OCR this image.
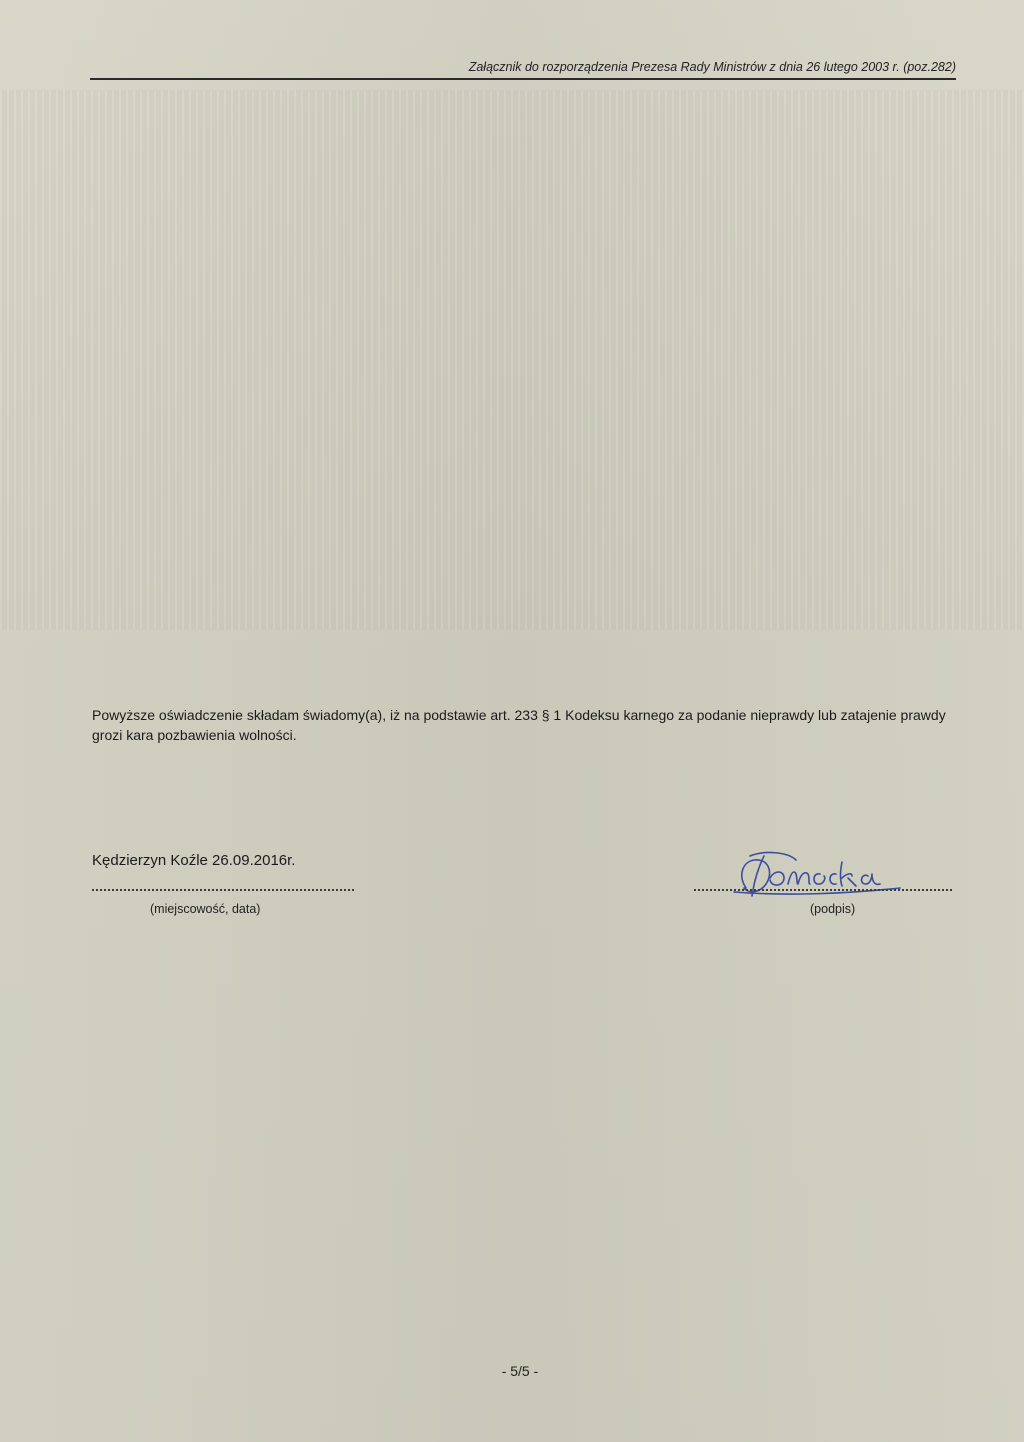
Załącznik do rozporządzenia Prezesa Rady Ministrów z dnia 26 lutego 2003 r. (poz.282)
Powyższe oświadczenie składam świadomy(a), iż na podstawie art. 233 § 1 Kodeksu karnego za podanie nieprawdy lub zatajenie prawdy grozi kara pozbawienia wolności.
Kędzierzyn Koźle 26.09.2016r.
(miejscowość, data)	(podpis)
- 5/5 -
